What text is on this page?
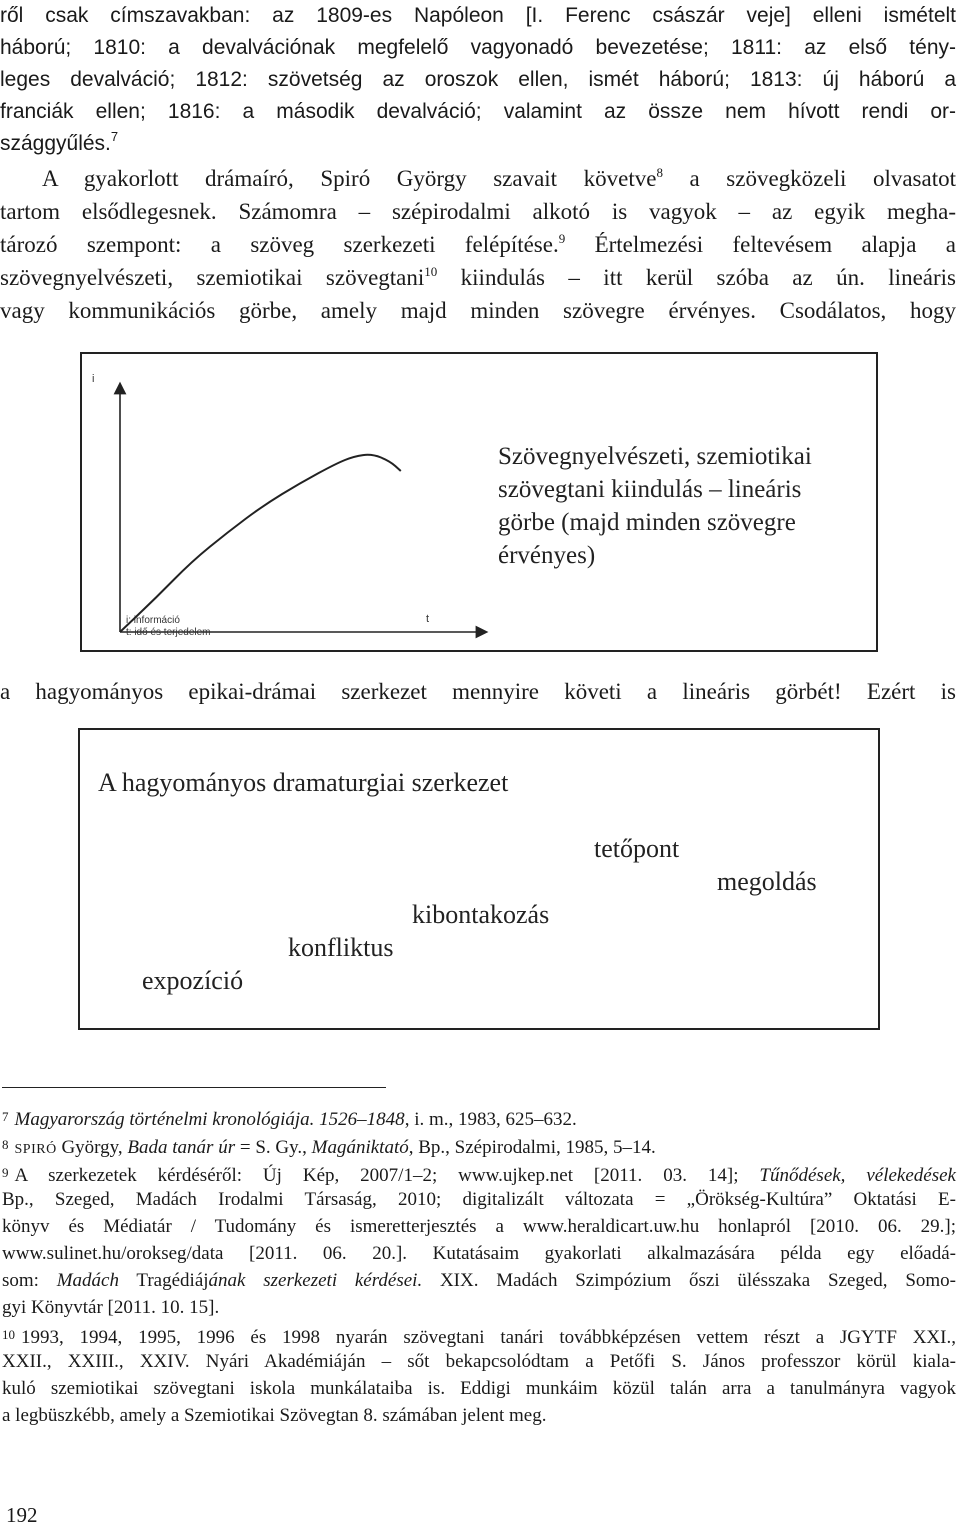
ről csak címszavakban: az 1809-es Napóleon [I. Ferenc császár veje] elleni ismételt
háború; 1810: a devalvációnak megfelelő vagyonadó bevezetése; 1811: az első tény-
leges devalváció; 1812: szövetség az oroszok ellen, ismét háború; 1813: új háború a
franciák ellen; 1816: a második devalváció; valamint az össze nem hívott rendi or-
szággyűlés.$^7$
A gyakorlott drámaíró, Spiró György szavait követve$^8$ a szövegközeli olvasatot
tartom elsődlegesnek. Számomra – szépirodalmi alkotó is vagyok – az egyik megha-
tározó szempont: a szöveg szerkezeti felépítése.$^9$ Értelmezési feltevésem alapja a
szövegnyelvészeti, szemiotikai szövegtani$^{10}$ kiindulás – itt kerül szóba az ún. lineáris
vagy kommunikációs görbe, amely majd minden szövegre érvényes. Csodálatos, hogy
i
t
i: információ
t: idő és terjedelem
Szövegnyelvészeti, szemiotikai szövegtani kiindulás – lineáris görbe (majd minden szövegre érvényes)
a hagyományos epikai-drámai szerkezet mennyire követi a lineáris görbét! Ezért is
A hagyományos dramaturgiai szerkezet
expozíció
konfliktus
kibontakozás
tetőpont
megoldás
$^7$ Magyarország történelmi kronológiája. 1526–1848, i. m., 1983, 625–632.
$^8$ SPIRÓ György, Bada tanár úr = S. Gy., Magániktató, Bp., Szépirodalmi, 1985, 5–14.
$^9$ A szerkezetek kérdéséről: Új Kép, 2007/1–2; www.ujkep.net [2011. 03. 14]; Tűnődések, vélekedések
Bp., Szeged, Madách Irodalmi Társaság, 2010; digitalizált változata = „Örökség-Kultúra” Oktatási E-
könyv és Médiatár / Tudomány és ismeretterjesztés a www.heraldicart.uw.hu honlapról [2010. 06. 29.];
www.sulinet.hu/orokseg/data [2011. 06. 20.]. Kutatásaim gyakorlati alkalmazására példa egy előadá-
som: Madách Tragédiájának szerkezeti kérdései. XIX. Madách Szimpózium őszi ülésszaka Szeged, Somo-
gyi Könyvtár [2011. 10. 15].
$^{10}$ 1993, 1994, 1995, 1996 és 1998 nyarán szövegtani tanári továbbképzésen vettem részt a JGYTF XXI.,
XXII., XXIII., XXIV. Nyári Akadémiáján – sőt bekapcsolódtam a Petőfi S. János professzor körül kiala-
kuló szemiotikai szövegtani iskola munkálataiba is. Eddigi munkáim közül talán arra a tanulmányra vagyok
a legbüszkébb, amely a Szemiotikai Szövegtan 8. számában jelent meg.
192
